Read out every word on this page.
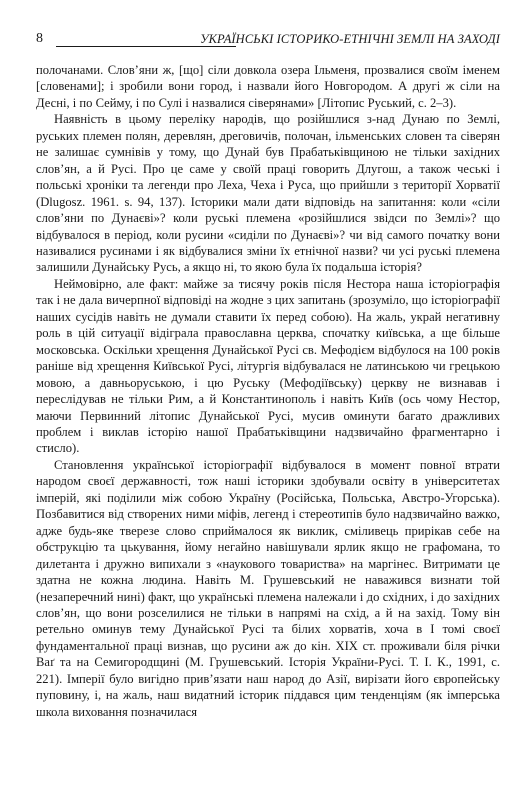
8	УКРАЇНСЬКІ ІСТОРИКО-ЕТНІЧНІ ЗЕМЛІ НА ЗАХОДІ

полочанами. Слов’яни ж, [що] сіли довкола озера Ільменя, прозвалися своїм іменем [словенами]; і зробили вони город, і назвали його Новгородом. А другі ж сіли на Десні, і по Сейму, і по Сулі і назвалися сіверянами» [Літопис Руський, с. 2–3).

Наявність в цьому переліку народів, що розійшлися з-над Дунаю по Землі, руських племен полян, деревлян, дреговичів, полочан, ільменських словен та сіверян не залишає сумнівів у тому, що Дунай був Прабатьківщиною не тільки західних слов’ян, а й Русі. Про це саме у своїй праці говорить Длугош, а також чеські і польські хроніки та легенди про Леха, Чеха і Руса, що прийшли з території Хорватії (Dlugosz. 1961. s. 94, 137). Історики мали дати відповідь на запитання: коли «сіли слов’яни по Дунаєві»? коли руські племена «розійшлися звідси по Землі»? що відбувалося в період, коли русини «сиділи по Дунаєві»? чи від самого початку вони називалися русинами і як відбувалися зміни їх етнічної назви? чи усі руські племена залишили Дунайську Русь, а якщо ні, то якою була їх подальша історія?

Неймовірно, але факт: майже за тисячу років після Нестора наша історіографія так і не дала вичерпної відповіді на жодне з цих запитань (зрозуміло, що історіографії наших сусідів навіть не думали ставити їх перед собою). На жаль, украй негативну роль в цій ситуації відіграла православна церква, спочатку київська, а ще більше московська. Оскільки хрещення Дунайської Русі св. Мефодієм відбулося на 100 років раніше від хрещення Київської Русі, літургія відбувалася не латинською чи грецькою мовою, а давньоруською, і цю Руську (Мефодіївську) церкву не визнавав і переслідував не тільки Рим, а й Константинополь і навіть Київ (ось чому Нестор, маючи Первинний літопис Дунайської Русі, мусив оминути багато дражливих проблем і виклав історію нашої Прабатьківщини надзвичайно фрагментарно і стисло).

Становлення української історіографії відбувалося в момент повної втрати народом своєї державності, тож наші історики здобували освіту в університетах імперій, які поділили між собою Україну (Російська, Польська, Австро-Угорська). Позбавитися від створених ними міфів, легенд і стереотипів було надзвичайно важко, адже будь-яке тверезе слово сприймалося як виклик, сміливець прирікав себе на обструкцію та цькування, йому негайно навішували ярлик якщо не графомана, то дилетанта і дружно випихали з «наукового товариства» на маргінес. Витримати це здатна не кожна людина. Навіть М. Грушевський не наважився визнати той (незаперечний нині) факт, що українські племена належали і до східних, і до західних слов’ян, що вони розселилися не тільки в напрямі на схід, а й на захід. Тому він ретельно оминув тему Дунайської Русі та білих хорватів, хоча в І томі своєї фундаментальної праці визнав, що русини аж до кін. XIX ст. проживали біля річки Ваґ та на Семигородщині (М. Грушевський. Історія України-Русі. Т. І. К., 1991, с. 221). Імперії було вигідно прив’язати наш народ до Азії, вирізати його європейську пуповину, і, на жаль, наш видатний історик піддався цим тенденціям (як імперська школа виховання позначилася
